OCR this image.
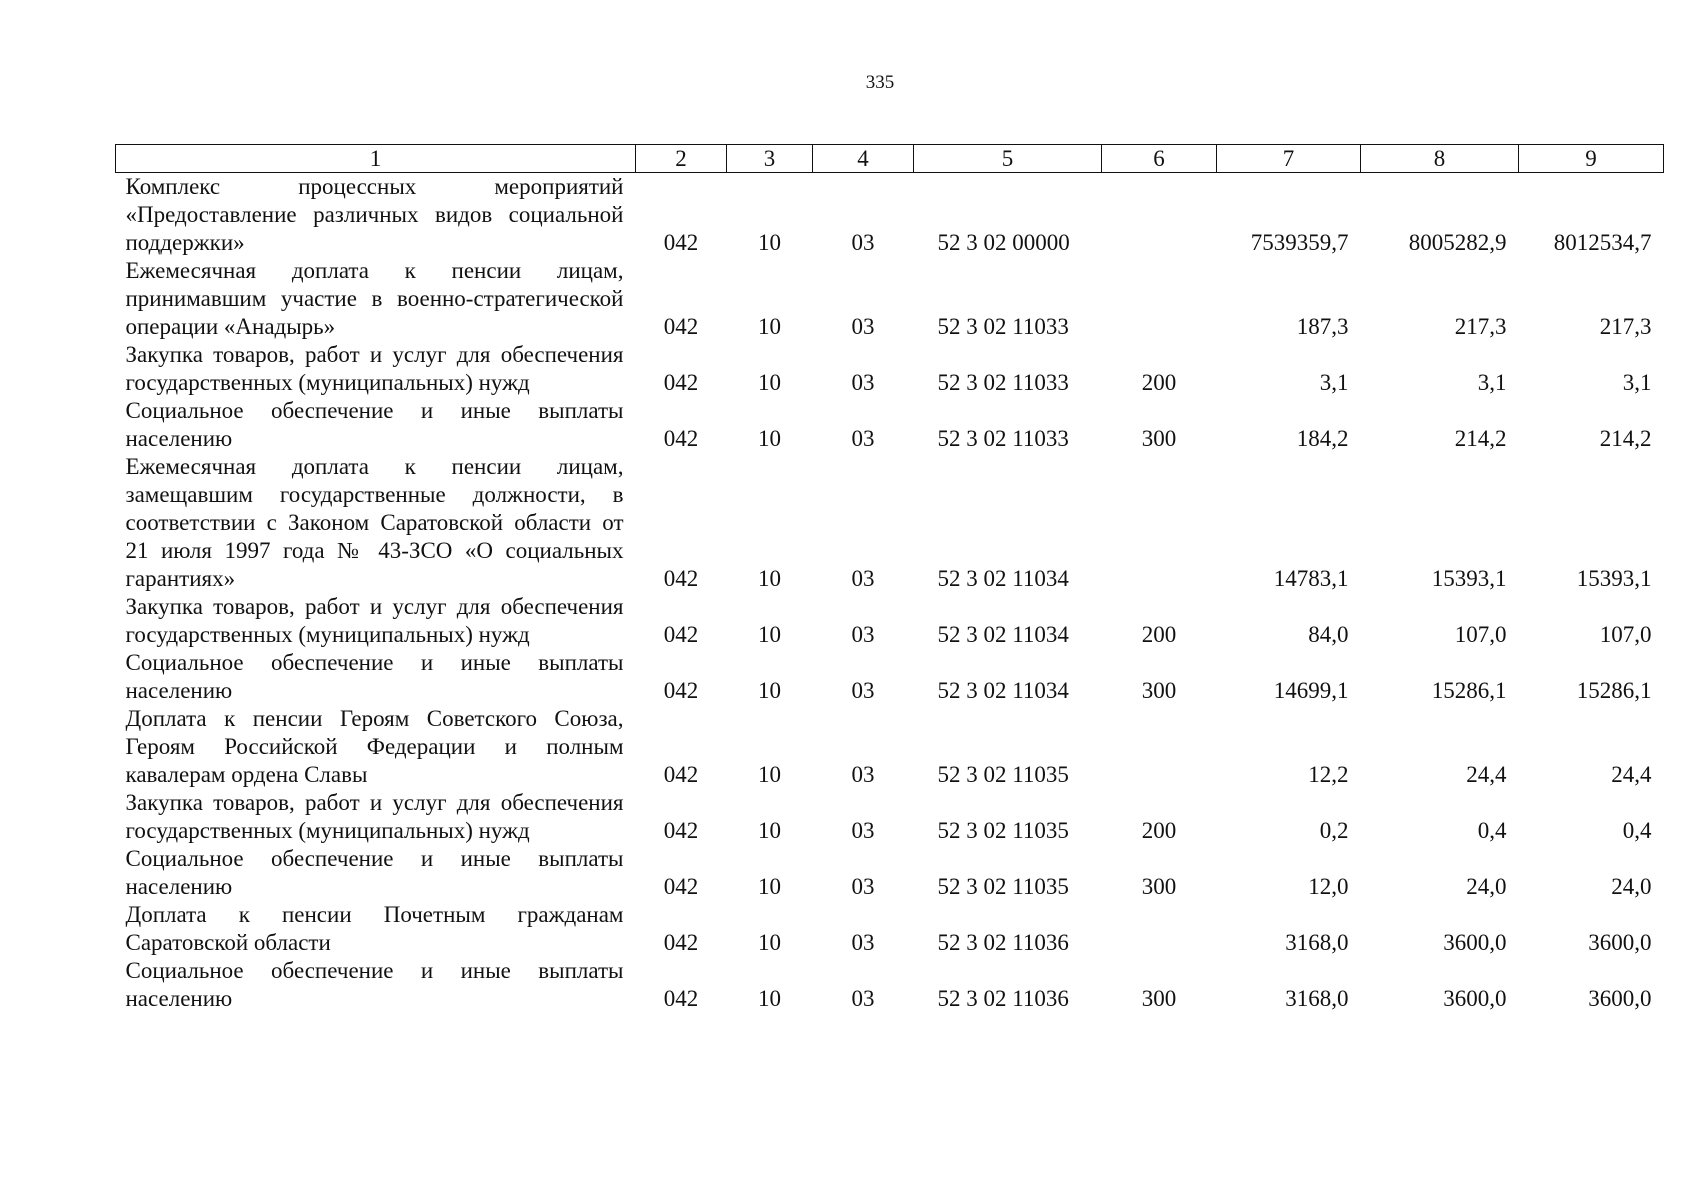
335
1	2	3	4	5	6	7	8	9
Комплекс процессных мероприятий «Предоставление различных видов социальной поддержки»	042	10	03	52 3 02 00000		7539359,7	8005282,9	8012534,7
Ежемесячная доплата к пенсии лицам, принимавшим участие в военно-стратегической операции «Анадырь»	042	10	03	52 3 02 11033		187,3	217,3	217,3
Закупка товаров, работ и услуг для обеспечения государственных (муниципальных) нужд	042	10	03	52 3 02 11033	200	3,1	3,1	3,1
Социальное обеспечение и иные выплаты населению	042	10	03	52 3 02 11033	300	184,2	214,2	214,2
Ежемесячная доплата к пенсии лицам, замещавшим государственные должности, в соответствии с Законом Саратовской области от 21 июля 1997 года № 43-ЗСО «О социальных гарантиях»	042	10	03	52 3 02 11034		14783,1	15393,1	15393,1
Закупка товаров, работ и услуг для обеспечения государственных (муниципальных) нужд	042	10	03	52 3 02 11034	200	84,0	107,0	107,0
Социальное обеспечение и иные выплаты населению	042	10	03	52 3 02 11034	300	14699,1	15286,1	15286,1
Доплата к пенсии Героям Советского Союза, Героям Российской Федерации и полным кавалерам ордена Славы	042	10	03	52 3 02 11035		12,2	24,4	24,4
Закупка товаров, работ и услуг для обеспечения государственных (муниципальных) нужд	042	10	03	52 3 02 11035	200	0,2	0,4	0,4
Социальное обеспечение и иные выплаты населению	042	10	03	52 3 02 11035	300	12,0	24,0	24,0
Доплата к пенсии Почетным гражданам Саратовской области	042	10	03	52 3 02 11036		3168,0	3600,0	3600,0
Социальное обеспечение и иные выплаты населению	042	10	03	52 3 02 11036	300	3168,0	3600,0	3600,0
